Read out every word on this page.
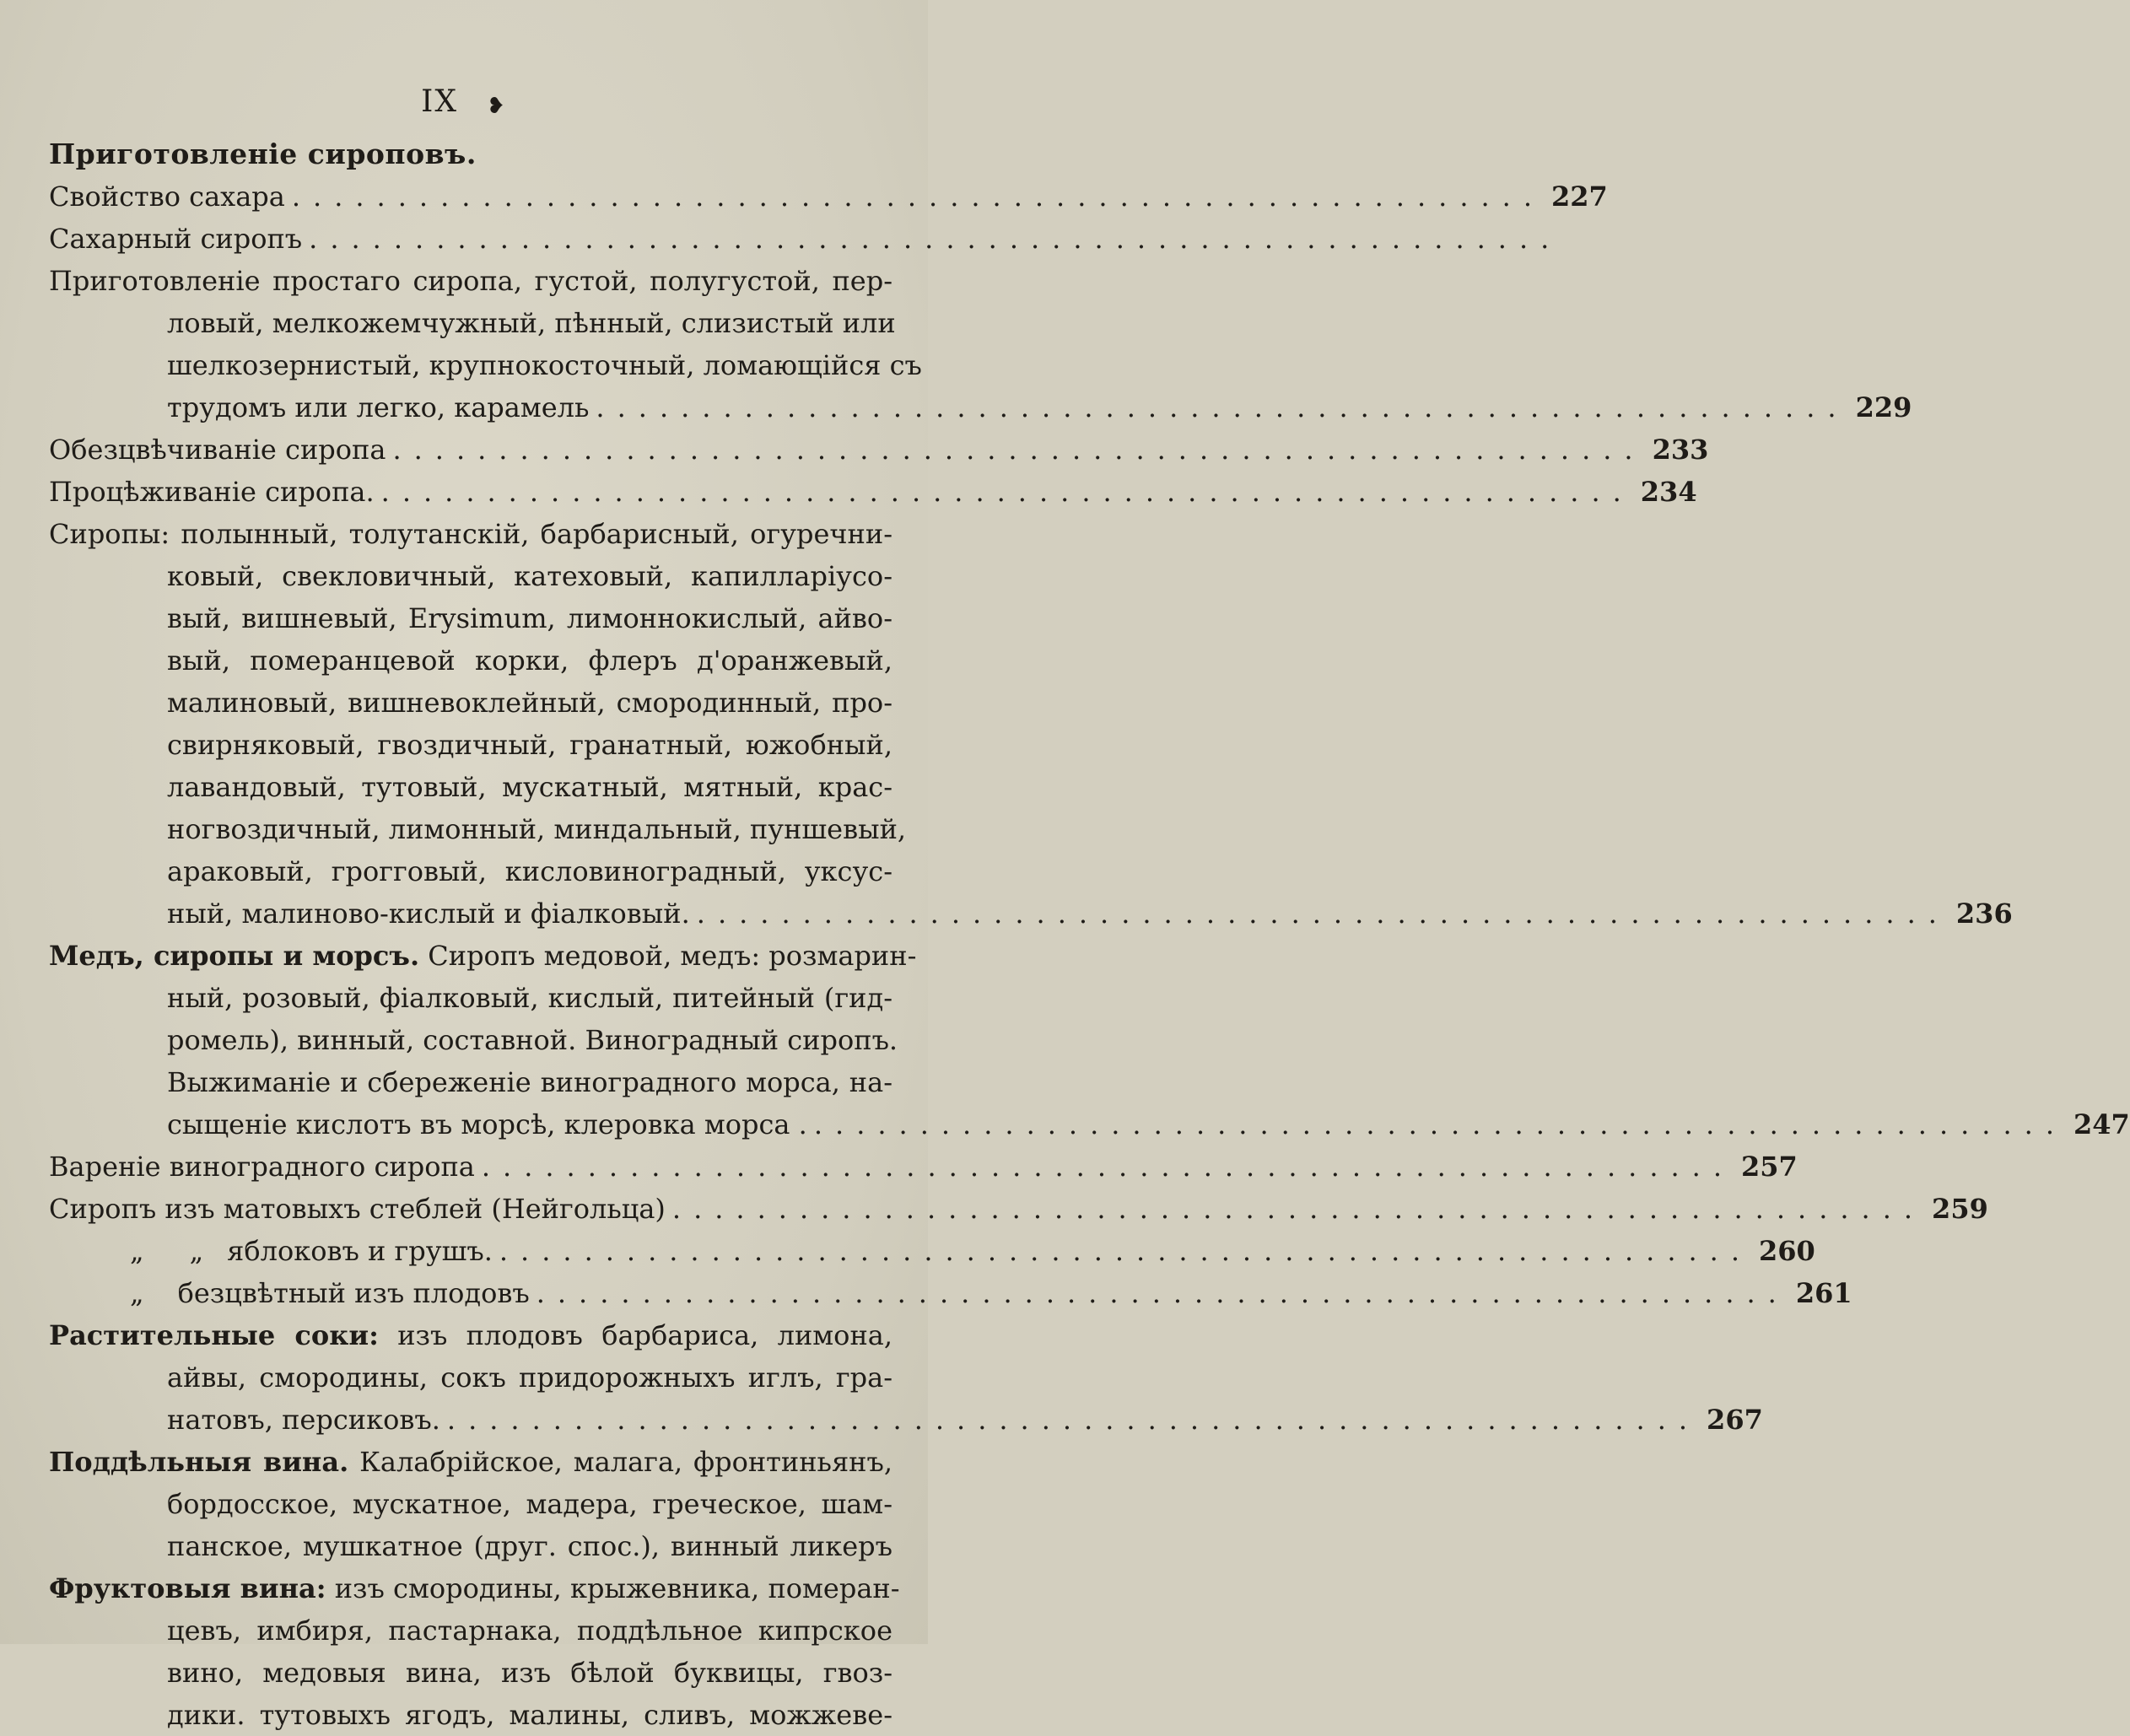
IX ❥
Приготовленіе сироповъ.
Свойство сахара ........................................................... 227
Сахарный сиропъ ...........................................................
Приготовленіе простаго сиропа, густой, полугустой, пер-
ловый, мелкожемчужный, пѣнный, слизистый или
шелкозернистый, крупнокосточный, ломающійся съ
трудомъ или легко, карамель ........................................................... 229
Обезцвѣчиваніе сиропа ........................................................... 233
Процѣживаніе сиропа. ........................................................... 234
Сиропы: полынный, толутанскій, барбарисный, огуречни-
ковый, свекловичный, катеховый, капилларіусо-
вый, вишневый, Erysimum, лимоннокислый, айво-
вый, померанцевой корки, флеръ д'оранжевый,
малиновый, вишневоклейный, смородинный, про-
свирняковый, гвоздичный, гранатный, южобный,
лавандовый, тутовый, мускатный, мятный, крас-
ногвоздичный, лимонный, миндальный, пуншевый,
араковый, грогговый, кисловиноградный, уксус-
ный, малиново-кислый и фіалковый. ........................................................... 236
Медъ, сиропы и морсъ. Сиропъ медовой, медъ: розмарин-
ный, розовый, фіалковый, кислый, питейный (гид-
ромель), винный, составной. Виноградный сиропъ.
Выжиманіе и сбереженіе виноградного морса, на-
сыщеніе кислотъ въ морсѣ, клеровка морса . ........................................................... 247
Вареніе виноградного сиропа ........................................................... 257
Сиропъ изъ матовыхъ стеблей (Нейгольца) ........................................................... 259
„	„ яблоковъ и грушъ. ........................................................... 260
„	безцвѣтный изъ плодовъ ........................................................... 261
Растительные соки: изъ плодовъ барбариса, лимона,
айвы, смородины, сокъ придорожныхъ иглъ, гра-
натовъ, персиковъ. ........................................................... 267
Поддѣльныя вина. Калабрійское, малага, фронтиньянъ,
бордосское, мускатное, мадера, греческое, шам-
панское, мушкатное (друг. спос.), винный ликеръ
Фруктовыя вина: изъ смородины, крыжевника, померан-
цевъ, имбиря, пастарнака, поддѣльное кипрское
вино, медовыя вина, изъ бѣлой буквицы, гвоз-
дики. тутовыхъ ягодъ, малины, сливъ, можжеве-
